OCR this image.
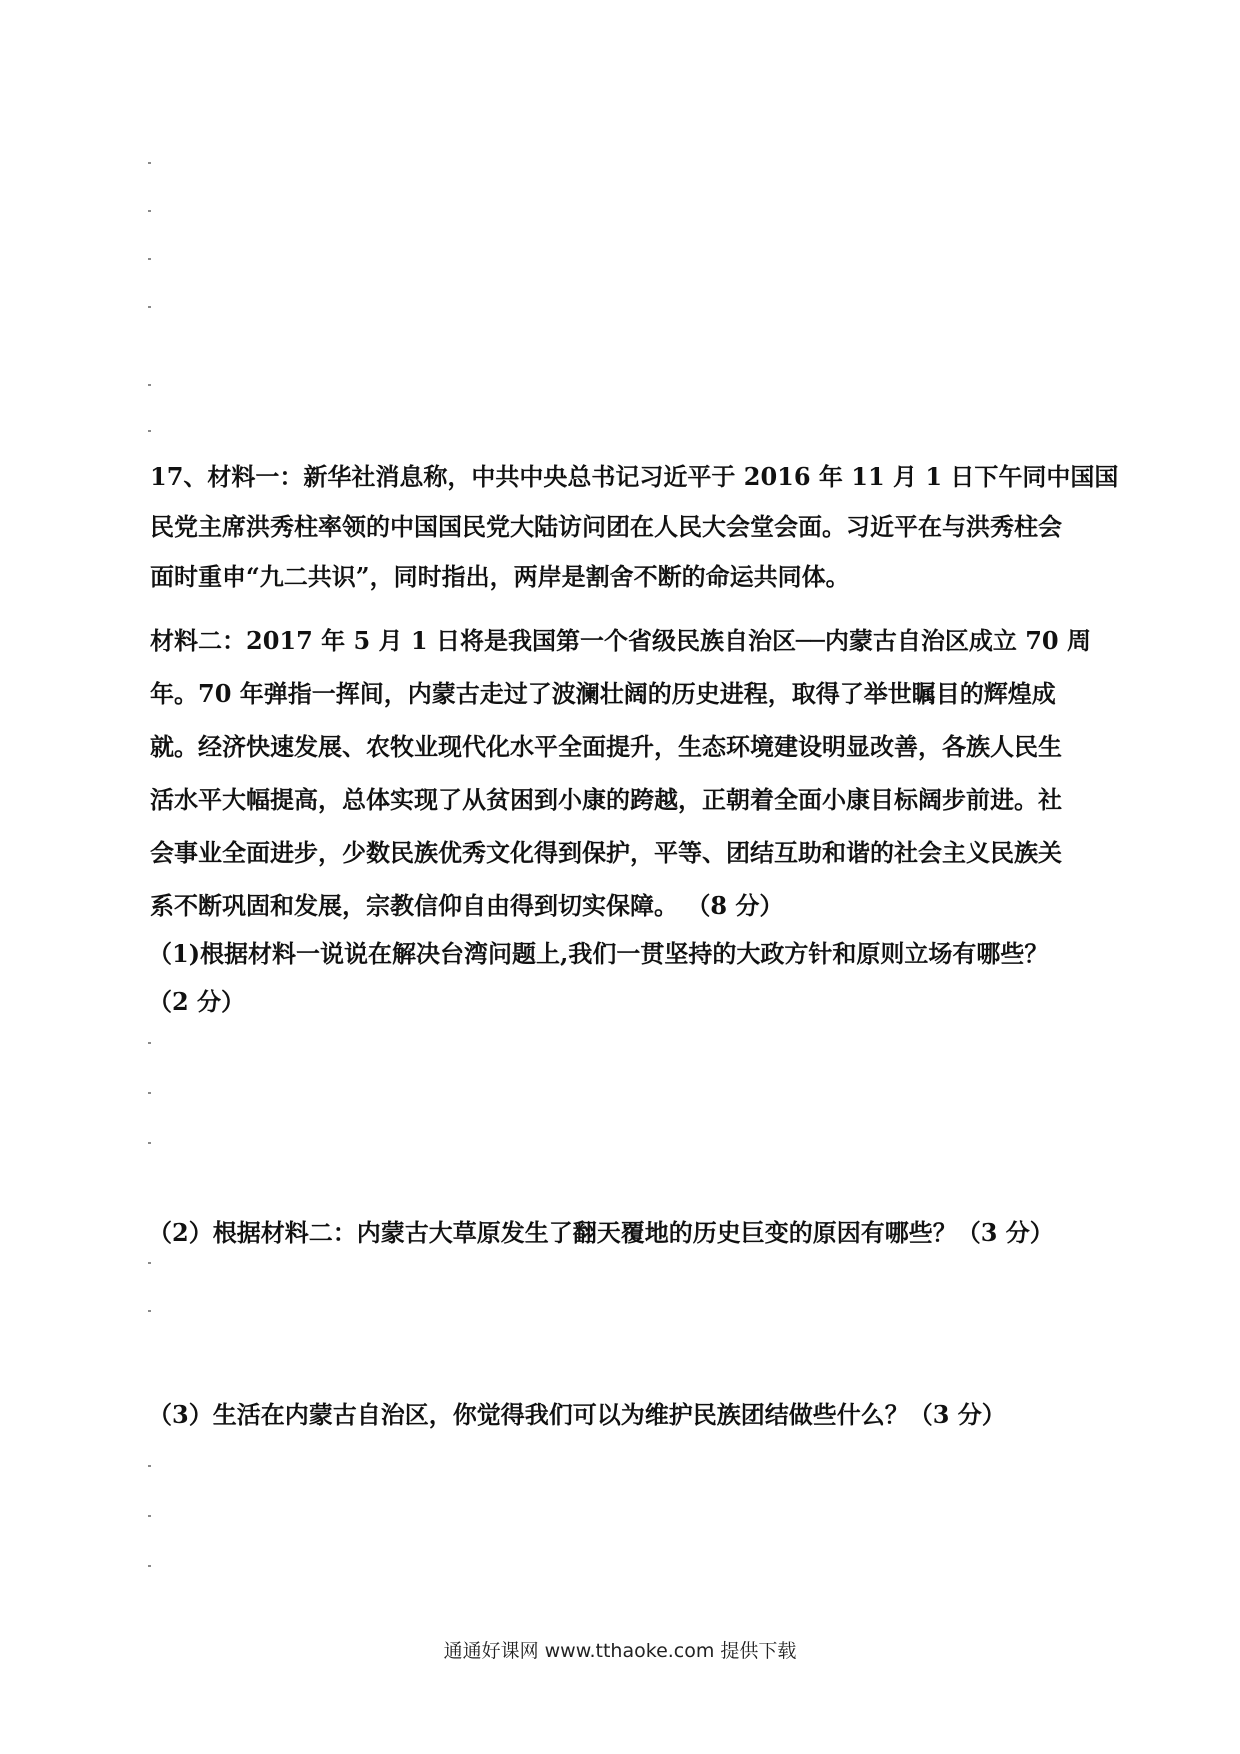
17、材料一：新华社消息称，中共中央总书记习近平于 2016 年 11 月 1 日下午同中国国
民党主席洪秀柱率领的中国国民党大陆访问团在人民大会堂会面。习近平在与洪秀柱会
面时重申“九二共识”，同时指出，两岸是割舍不断的命运共同体。
材料二：2017 年 5 月 1 日将是我国第一个省级民族自治区──内蒙古自治区成立 70 周
年。70 年弹指一挥间，内蒙古走过了波澜壮阔的历史进程，取得了举世瞩目的辉煌成
就。经济快速发展、农牧业现代化水平全面提升，生态环境建设明显改善，各族人民生
活水平大幅提高，总体实现了从贫困到小康的跨越，正朝着全面小康目标阔步前进。社
会事业全面进步，少数民族优秀文化得到保护，平等、团结互助和谐的社会主义民族关
系不断巩固和发展，宗教信仰自由得到切实保障。 （8 分）
（1)根据材料一说说在解决台湾问题上,我们一贯坚持的大政方针和原则立场有哪些？
（2 分）
（2）根据材料二：内蒙古大草原发生了翻天覆地的历史巨变的原因有哪些？（3 分）
（3）生活在内蒙古自治区，你觉得我们可以为维护民族团结做些什么？（3 分）
通通好课网 www.tthaoke.com 提供下载
